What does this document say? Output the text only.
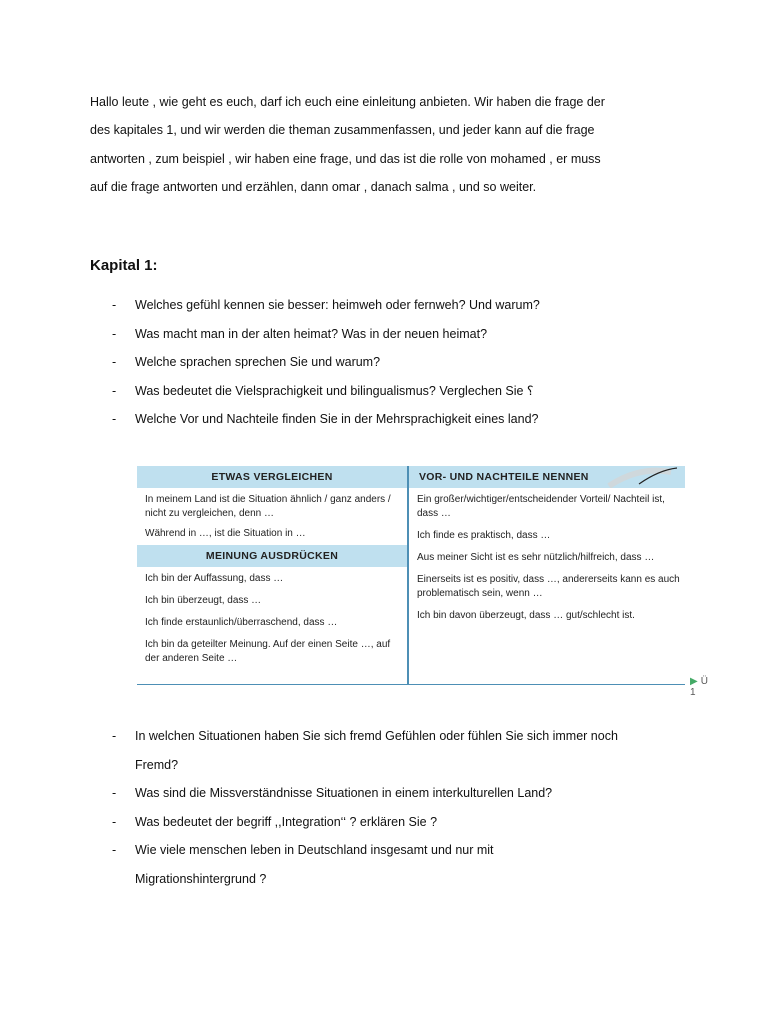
Hallo leute , wie geht es euch, darf ich euch eine einleitung anbieten. Wir haben die frage der
des kapitales 1, und wir werden die theman zusammenfassen, und jeder kann auf die frage
antworten , zum beispiel , wir haben eine frage, und das ist die rolle von mohamed , er muss
auf die frage antworten und erzählen, dann omar , danach salma , und so weiter.
Kapital 1:
- Welches gefühl kennen sie besser: heimweh oder fernweh? Und warum?
- Was macht man in der alten heimat? Was in der neuen heimat?
- Welche sprachen sprechen Sie und warum?
- Was bedeutet die Vielsprachigkeit und bilingualismus? Verglechen Sie ؟
- Welche Vor und Nachteile finden Sie in der Mehrsprachigkeit eines land?
ETWAS VERGLEICHEN
In meinem Land ist die Situation ähnlich / ganz anders / nicht zu vergleichen, denn …
Während in …, ist die Situation in …
MEINUNG AUSDRÜCKEN
Ich bin der Auffassung, dass …
Ich bin überzeugt, dass …
Ich finde erstaunlich/überraschend, dass …
Ich bin da geteilter Meinung. Auf der einen Seite …, auf der anderen Seite …
VOR- UND NACHTEILE NENNEN
Ein großer/wichtiger/entscheidender Vorteil/ Nachteil ist, dass …
Ich finde es praktisch, dass …
Aus meiner Sicht ist es sehr nützlich/hilfreich, dass …
Einerseits ist es positiv, dass …, andererseits kann es auch problematisch sein, wenn …
Ich bin davon überzeugt, dass … gut/schlecht ist.
▶ Ü 1
- In welchen Situationen haben Sie sich fremd Gefühlen oder fühlen Sie sich immer noch
Fremd?
- Was sind die Missverständnisse Situationen in einem interkulturellen Land?
- Was bedeutet der begriff ,,Integration‘‘ ? erklären Sie ?
- Wie viele menschen leben in Deutschland insgesamt und nur mit
Migrationshintergrund ?
